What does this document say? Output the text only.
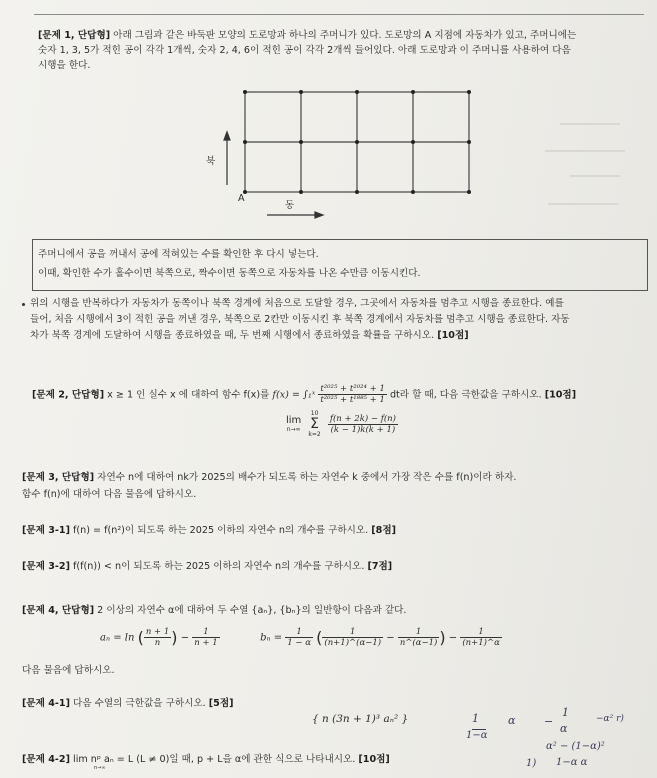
[문제 1, 단답형] 아래 그림과 같은 바둑판 모양의 도로망과 하나의 주머니가 있다. 도로망의 A 지점에 자동차가 있고, 주머니에는
숫자 1, 3, 5가 적힌 공이 각각 1개씩, 숫자 2, 4, 6이 적힌 공이 각각 2개씩 들어있다. 아래 도로망과 이 주머니를 사용하여 다음
시행을 한다.
북
A
동
주머니에서 공을 꺼내서 공에 적혀있는 수를 확인한 후 다시 넣는다.
이때, 확인한 수가 홀수이면 북쪽으로, 짝수이면 동쪽으로 자동차를 나온 수만큼 이동시킨다.
위의 시행을 반복하다가 자동차가 동쪽이나 북쪽 경계에 처음으로 도달할 경우, 그곳에서 자동차를 멈추고 시행을 종료한다. 예를
들어, 처음 시행에서 3이 적힌 공을 꺼낸 경우, 북쪽으로 2칸만 이동시킨 후 북쪽 경계에서 자동차를 멈추고 시행을 종료한다. 자동
차가 북쪽 경계에 도달하여 시행을 종료하였을 때, 두 번째 시행에서 종료하였을 확률을 구하시오. [10점]
[문제 2, 단답형] x ≥ 1 인 실수 x 에 대하여 함수 f(x)를 f(x) = ∫₁ˣ $\frac{\text{t²⁰²⁵ + t²⁰²⁴ + 1}}{\text{t²⁰²⁵ + t¹⁸⁸⁵ + 1}}$ dt라 할 때, 다음 극한값을 구하시오. [10점]
lim
n→∞

10
Σ
k=2
$\frac{f(n + 2k) - f(n)}{(k - 1)k(k + 1)}$
[문제 3, 단답형] 자연수 n에 대하여 nk가 2025의 배수가 되도록 하는 자연수 k 중에서 가장 작은 수를 f(n)이라 하자.
함수 f(n)에 대하여 다음 물음에 답하시오.
[문제 3-1] f(n) = f(n²)이 되도록 하는 2025 이하의 자연수 n의 개수를 구하시오. [8점]
[문제 3-2] f(f(n)) < n이 되도록 하는 2025 이하의 자연수 n의 개수를 구하시오. [7점]
[문제 4, 단답형] 2 이상의 자연수 α에 대하여 두 수열 {aₙ}, {bₙ}의 일반항이 다음과 같다.
aₙ = ln ( $\frac{n + 1}{n}$ ) − $\frac{1}{n + 1}$	$b_n = \frac{1}{1 - \alpha}$ ( $\frac{1}{(n+1)\^{}(\alpha-1)} - \frac{1}{n\^{}(\alpha-1)}$ ) − $\frac{1}{(n+1)\^{}\alpha}$
다음 물음에 답하시오.
[문제 4-1] 다음 수열의 극한값을 구하시오. [5점]
{ n (3n + 1)³ aₙ² }
[문제 4-2] lim nᵖ aₙ = L (L ≠ 0)일 때, p + L을 α에 관한 식으로 나타내시오. [10점]
n→∞
1
1−α
α	−
1
α
−α² r)
α² − (1−α)²
1−α α
1)
